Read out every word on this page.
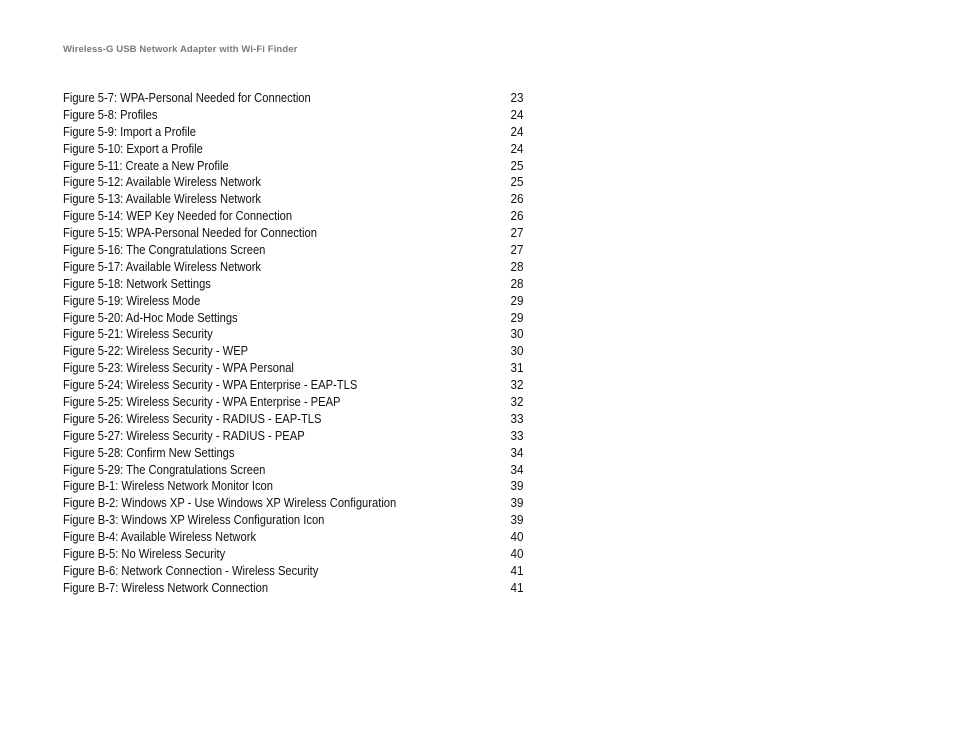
Wireless-G USB Network Adapter with Wi-Fi Finder
Figure 5-7: WPA-Personal Needed for Connection	23
Figure 5-8: Profiles	24
Figure 5-9: Import a Profile	24
Figure 5-10: Export a Profile	24
Figure 5-11: Create a New Profile	25
Figure 5-12: Available Wireless Network	25
Figure 5-13: Available Wireless Network	26
Figure 5-14: WEP Key Needed for Connection	26
Figure 5-15: WPA-Personal Needed for Connection	27
Figure 5-16: The Congratulations Screen	27
Figure 5-17: Available Wireless Network	28
Figure 5-18: Network Settings	28
Figure 5-19: Wireless Mode	29
Figure 5-20: Ad-Hoc Mode Settings	29
Figure 5-21: Wireless Security	30
Figure 5-22: Wireless Security - WEP	30
Figure 5-23: Wireless Security - WPA Personal	31
Figure 5-24: Wireless Security - WPA Enterprise - EAP-TLS	32
Figure 5-25: Wireless Security - WPA Enterprise - PEAP	32
Figure 5-26: Wireless Security - RADIUS - EAP-TLS	33
Figure 5-27: Wireless Security - RADIUS - PEAP	33
Figure 5-28: Confirm New Settings	34
Figure 5-29: The Congratulations Screen	34
Figure B-1: Wireless Network Monitor Icon	39
Figure B-2: Windows XP - Use Windows XP Wireless Configuration	39
Figure B-3: Windows XP Wireless Configuration Icon	39
Figure B-4: Available Wireless Network	40
Figure B-5: No Wireless Security	40
Figure B-6: Network Connection - Wireless Security	41
Figure B-7: Wireless Network Connection	41
